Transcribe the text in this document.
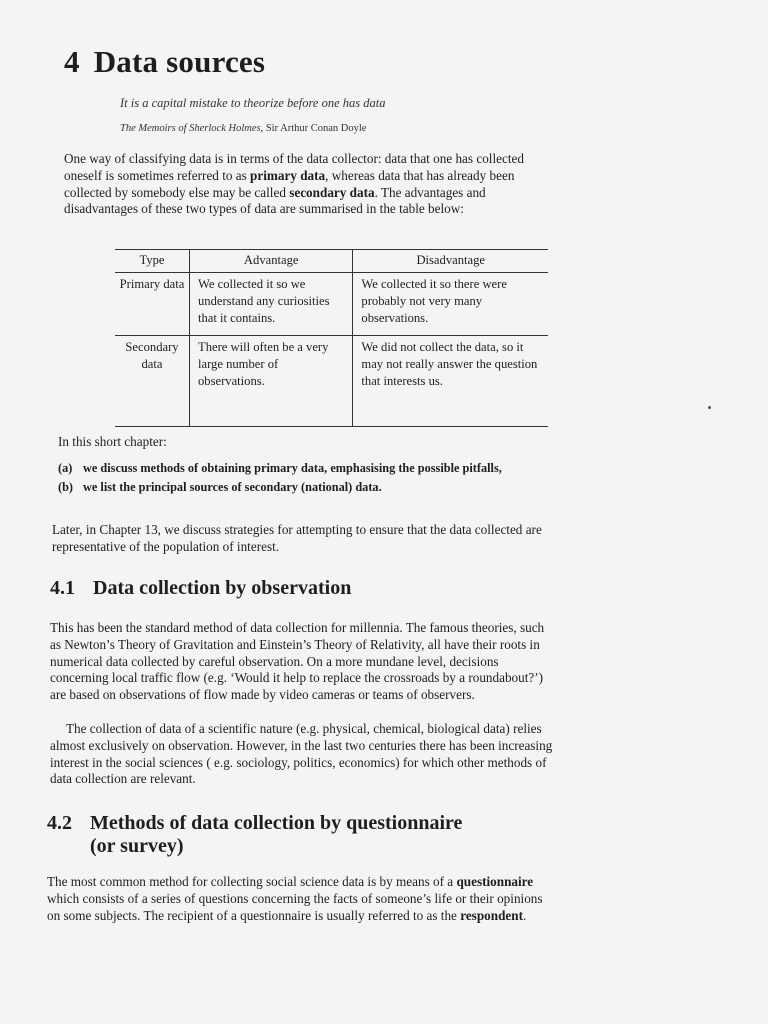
4 Data sources

It is a capital mistake to theorize before one has data

The Memoirs of Sherlock Holmes, Sir Arthur Conan Doyle

One way of classifying data is in terms of the data collector: data that one has collected oneself is sometimes referred to as primary data, whereas data that has already been collected by somebody else may be called secondary data. The advantages and disadvantages of these two types of data are summarised in the table below:

Type	Advantage	Disadvantage
Primary data	We collected it so we understand any curiosities that it contains.	We collected it so there were probably not very many observations.
Secondary data	There will often be a very large number of observations.	We did not collect the data, so it may not really answer the question that interests us.

In this short chapter:

(a) we discuss methods of obtaining primary data, emphasising the possible pitfalls,
(b) we list the principal sources of secondary (national) data.

Later, in Chapter 13, we discuss strategies for attempting to ensure that the data collected are representative of the population of interest.

4.1 Data collection by observation

This has been the standard method of data collection for millennia. The famous theories, such as Newton’s Theory of Gravitation and Einstein’s Theory of Relativity, all have their roots in numerical data collected by careful observation. On a more mundane level, decisions concerning local traffic flow (e.g. ‘Would it help to replace the crossroads by a roundabout?’) are based on observations of flow made by video cameras or teams of observers.

The collection of data of a scientific nature (e.g. physical, chemical, biological data) relies almost exclusively on observation. However, in the last two centuries there has been increasing interest in the social sciences ( e.g. sociology, politics, economics) for which other methods of data collection are relevant.

4.2 Methods of data collection by questionnaire
(or survey)

The most common method for collecting social science data is by means of a questionnaire which consists of a series of questions concerning the facts of someone’s life or their opinions on some subjects. The recipient of a questionnaire is usually referred to as the respondent.
